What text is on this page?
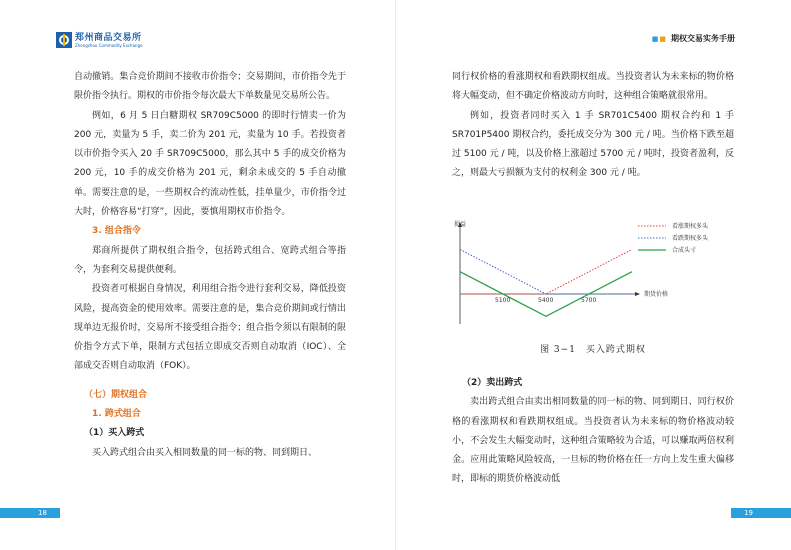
郑州商品交易所
Zhengzhou Commodity Exchange

自动撤销。集合竞价期间不接收市价指令；交易期间，市价指令先于限价指令执行。期权的市价指令每次最大下单数量见交易所公告。

例如，6 月 5 日白糖期权 SR709C5000 的即时行情卖一价为 200 元，卖量为 5 手，卖二价为 201 元，卖量为 10 手。若投资者以市价指令买入 20 手 SR709C5000，那么其中 5 手的成交价格为 200 元，10 手的成交价格为 201 元，剩余未成交的 5 手自动撤单。需要注意的是，一些期权合约流动性低，挂单量少，市价指令过大时，价格容易“打穿”，因此，要慎用期权市价指令。

3. 组合指令

郑商所提供了期权组合指令，包括跨式组合、宽跨式组合等指令，为套利交易提供便利。

投资者可根据自身情况，利用组合指令进行套利交易，降低投资风险，提高资金的使用效率。需要注意的是，集合竞价期间或行情出现单边无报价时，交易所不接受组合指令；组合指令须以有限制的限价指令方式下单，限制方式包括立即成交否则自动取消（IOC）、全部成交否则自动取消（FOK）。

（七）期权组合

1. 跨式组合

（1）买入跨式

买入跨式组合由买入相同数量的同一标的物、同到期日、

18
■■ 期权交易实务手册

同行权价格的看涨期权和看跌期权组成。当投资者认为未来标的物价格将大幅变动，但不确定价格波动方向时，这种组合策略就很常用。

例如，投资者同时买入 1 手 SR701C5400 期权合约和 1 手 SR701P5400 期权合约，委托成交分为 300 元 / 吨。当价格下跌至超过 5100 元 / 吨，以及价格上涨超过 5700 元 / 吨时，投资者盈利，反之，则最大亏损额为支付的权利金 300 元 / 吨。

损益	看涨期权多头
看跌期权多头
合成头寸
期货价格
5100	5400	5700
图 3−1　买入跨式期权

（2）卖出跨式

卖出跨式组合由卖出相同数量的同一标的物、同到期日、同行权价格的看涨期权和看跌期权组成。当投资者认为未来标的物价格波动较小，不会发生大幅变动时，这种组合策略较为合适，可以赚取两倍权利金。应用此策略风险较高，一旦标的物价格在任一方向上发生重大偏移时，即标的期货价格波动低

19
